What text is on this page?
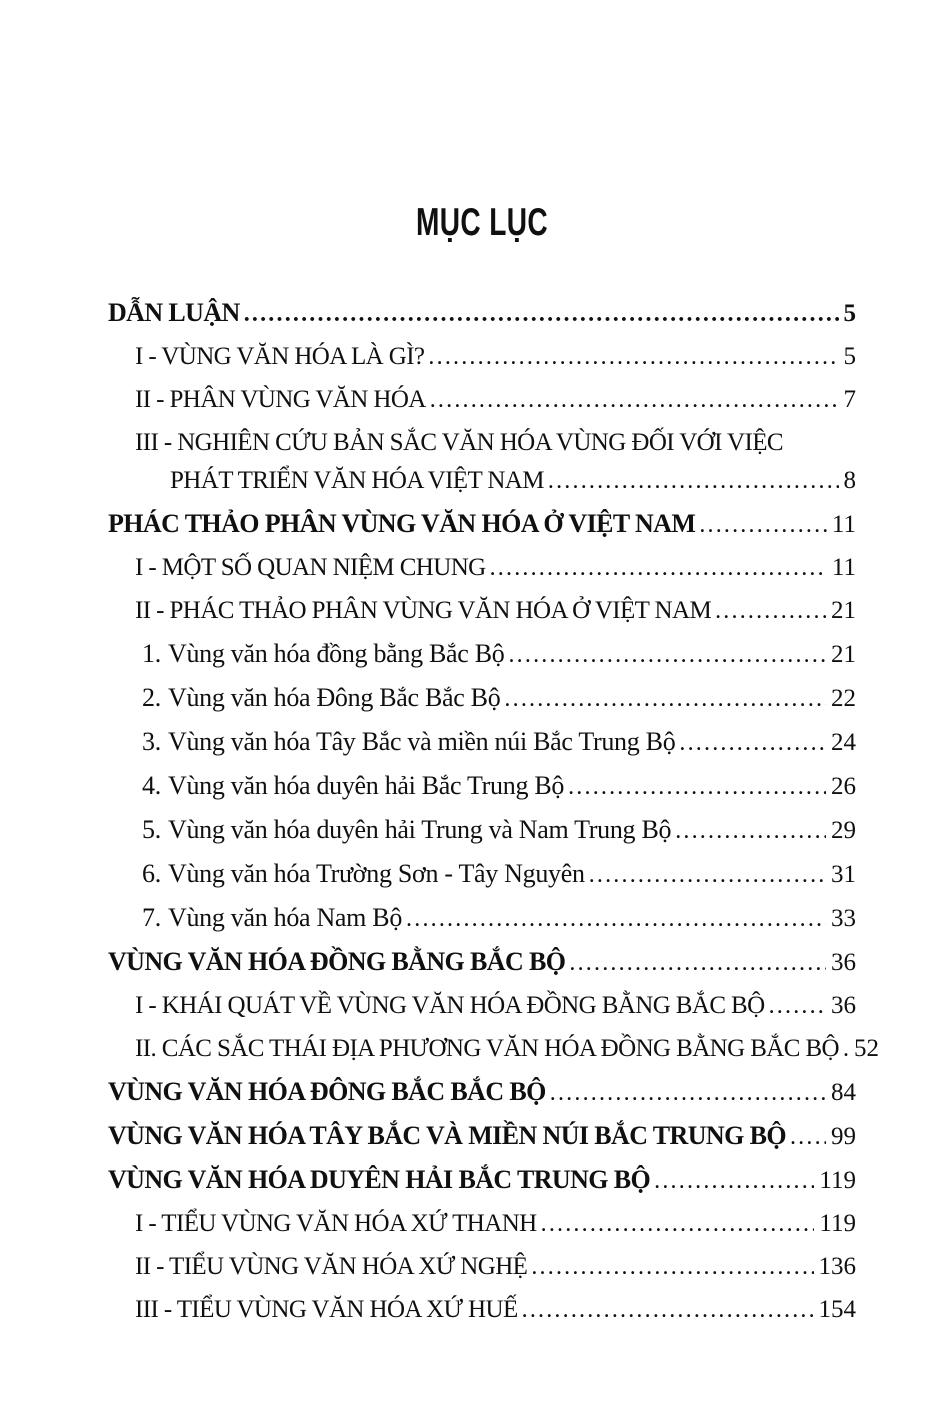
MỤC LỤC
DẪN LUẬN .....	5
I - VÙNG VĂN HÓA LÀ GÌ? .....	5
II - PHÂN VÙNG VĂN HÓA .....	7
III - NGHIÊN CỨU BẢN SẮC VĂN HÓA VÙNG ĐỐI VỚI VIỆC
PHÁT TRIỂN VĂN HÓA VIỆT NAM .....	8
PHÁC THẢO PHÂN VÙNG VĂN HÓA Ở VIỆT NAM .....	11
I - MỘT SỐ QUAN NIỆM CHUNG .....	11
II - PHÁC THẢO PHÂN VÙNG VĂN HÓA Ở VIỆT NAM .....	21
1. Vùng văn hóa đồng bằng Bắc Bộ .....	21
2. Vùng văn hóa Đông Bắc Bắc Bộ .....	22
3. Vùng văn hóa Tây Bắc và miền núi Bắc Trung Bộ .....	24
4. Vùng văn hóa duyên hải Bắc Trung Bộ .....	26
5. Vùng văn hóa duyên hải Trung và Nam Trung Bộ .....	29
6. Vùng văn hóa Trường Sơn - Tây Nguyên .....	31
7. Vùng văn hóa Nam Bộ .....	33
VÙNG VĂN HÓA ĐỒNG BẰNG BẮC BỘ .....	36
I - KHÁI QUÁT VỀ VÙNG VĂN HÓA ĐỒNG BẰNG BẮC BỘ .....	36
II. CÁC SẮC THÁI ĐỊA PHƯƠNG VĂN HÓA ĐỒNG BẰNG BẮC BỘ ..... 52
VÙNG VĂN HÓA ĐÔNG BẮC BẮC BỘ .....	84
VÙNG VĂN HÓA TÂY BẮC VÀ MIỀN NÚI BẮC TRUNG BỘ ..... 99
VÙNG VĂN HÓA DUYÊN HẢI BẮC TRUNG BỘ .....	119
I - TIỂU VÙNG VĂN HÓA XỨ THANH .....	119
II - TIỂU VÙNG VĂN HÓA XỨ NGHỆ .....	136
III - TIỂU VÙNG VĂN HÓA XỨ HUẾ .....	154
